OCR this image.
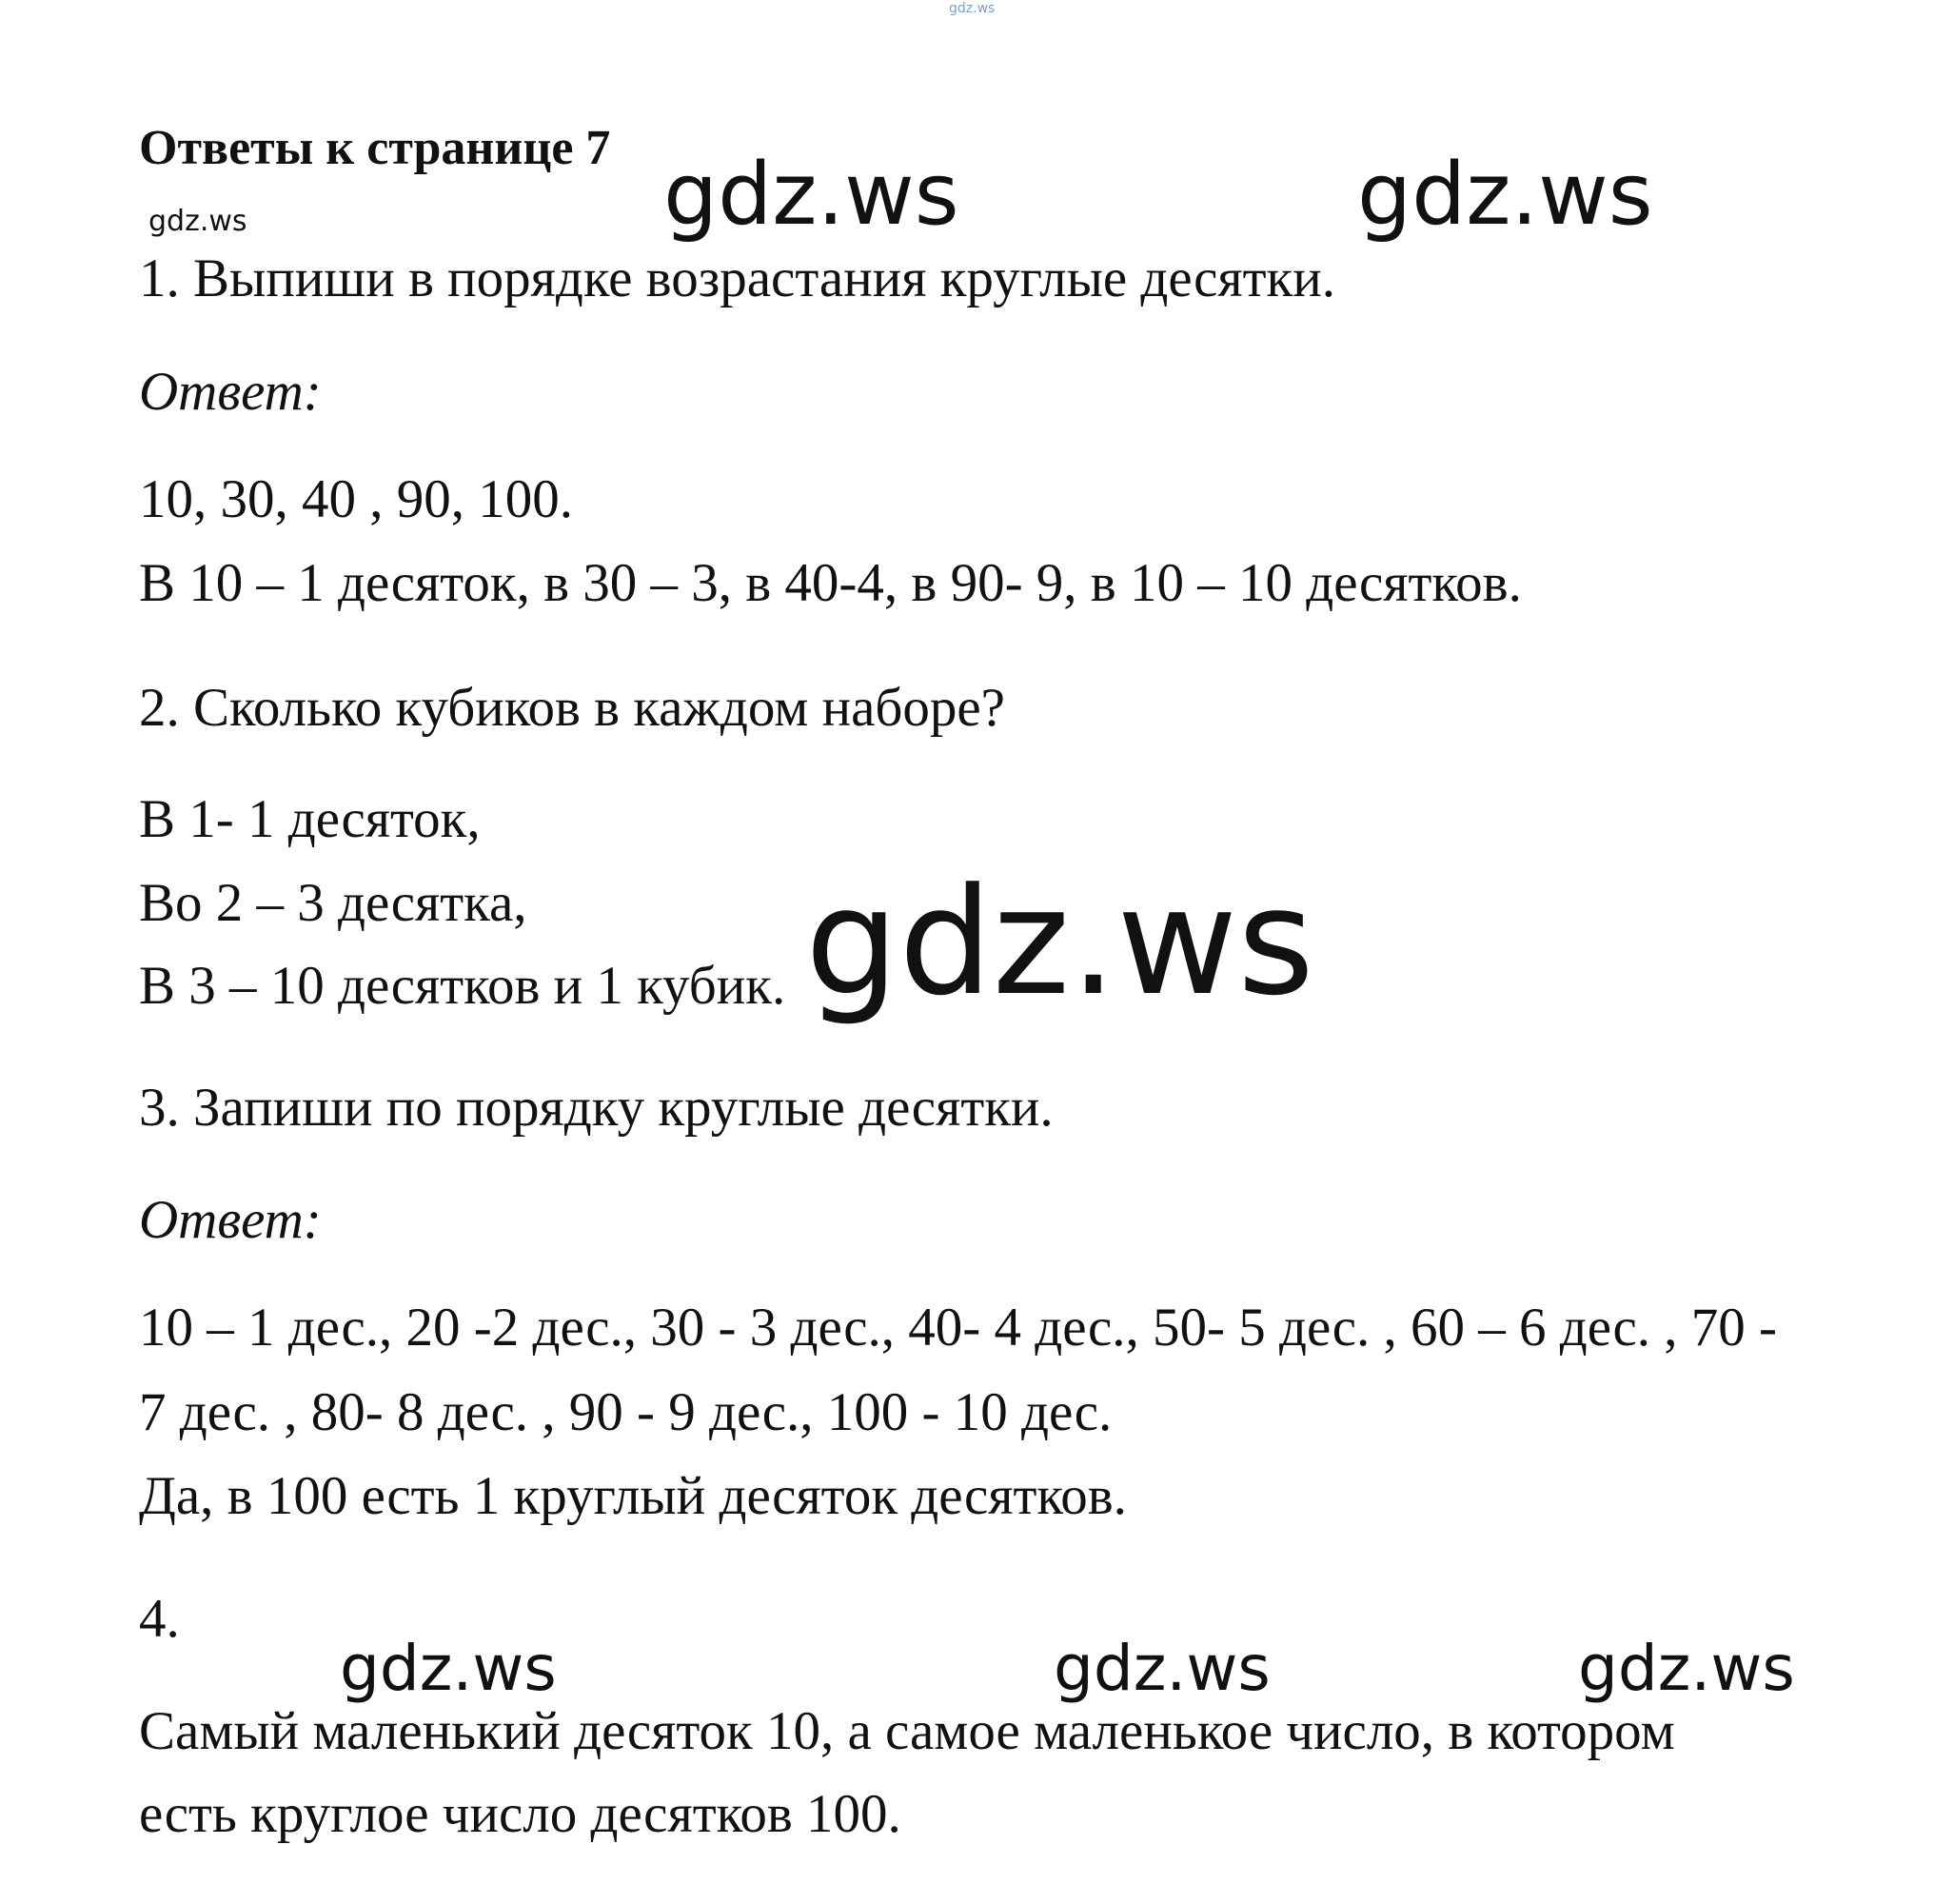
gdz.ws
gdz.ws	gdz.ws	gdz.ws
gdz.ws
gdz.ws	gdz.ws	gdz.ws
Ответы к странице 7
1. Выпиши в порядке возрастания круглые десятки.
Ответ:
10, 30, 40 , 90, 100.
В 10 – 1 десяток, в 30 – 3, в 40-4, в 90- 9, в 10 – 10 десятков.
2. Сколько кубиков в каждом наборе?
В 1- 1 десяток,
Во 2 – 3 десятка,
В 3 – 10 десятков и 1 кубик.
3. Запиши по порядку круглые десятки.
Ответ:
10 – 1 дес., 20 -2 дес., 30 - 3 дес., 40- 4 дес., 50- 5 дес. , 60 – 6 дес. , 70 -
7 дес. , 80- 8 дес. , 90 - 9 дес., 100 - 10 дес.
Да, в 100 есть 1 круглый десяток десятков.
4.
Самый маленький десяток 10, а самое маленькое число, в котором
есть круглое число десятков 100.
